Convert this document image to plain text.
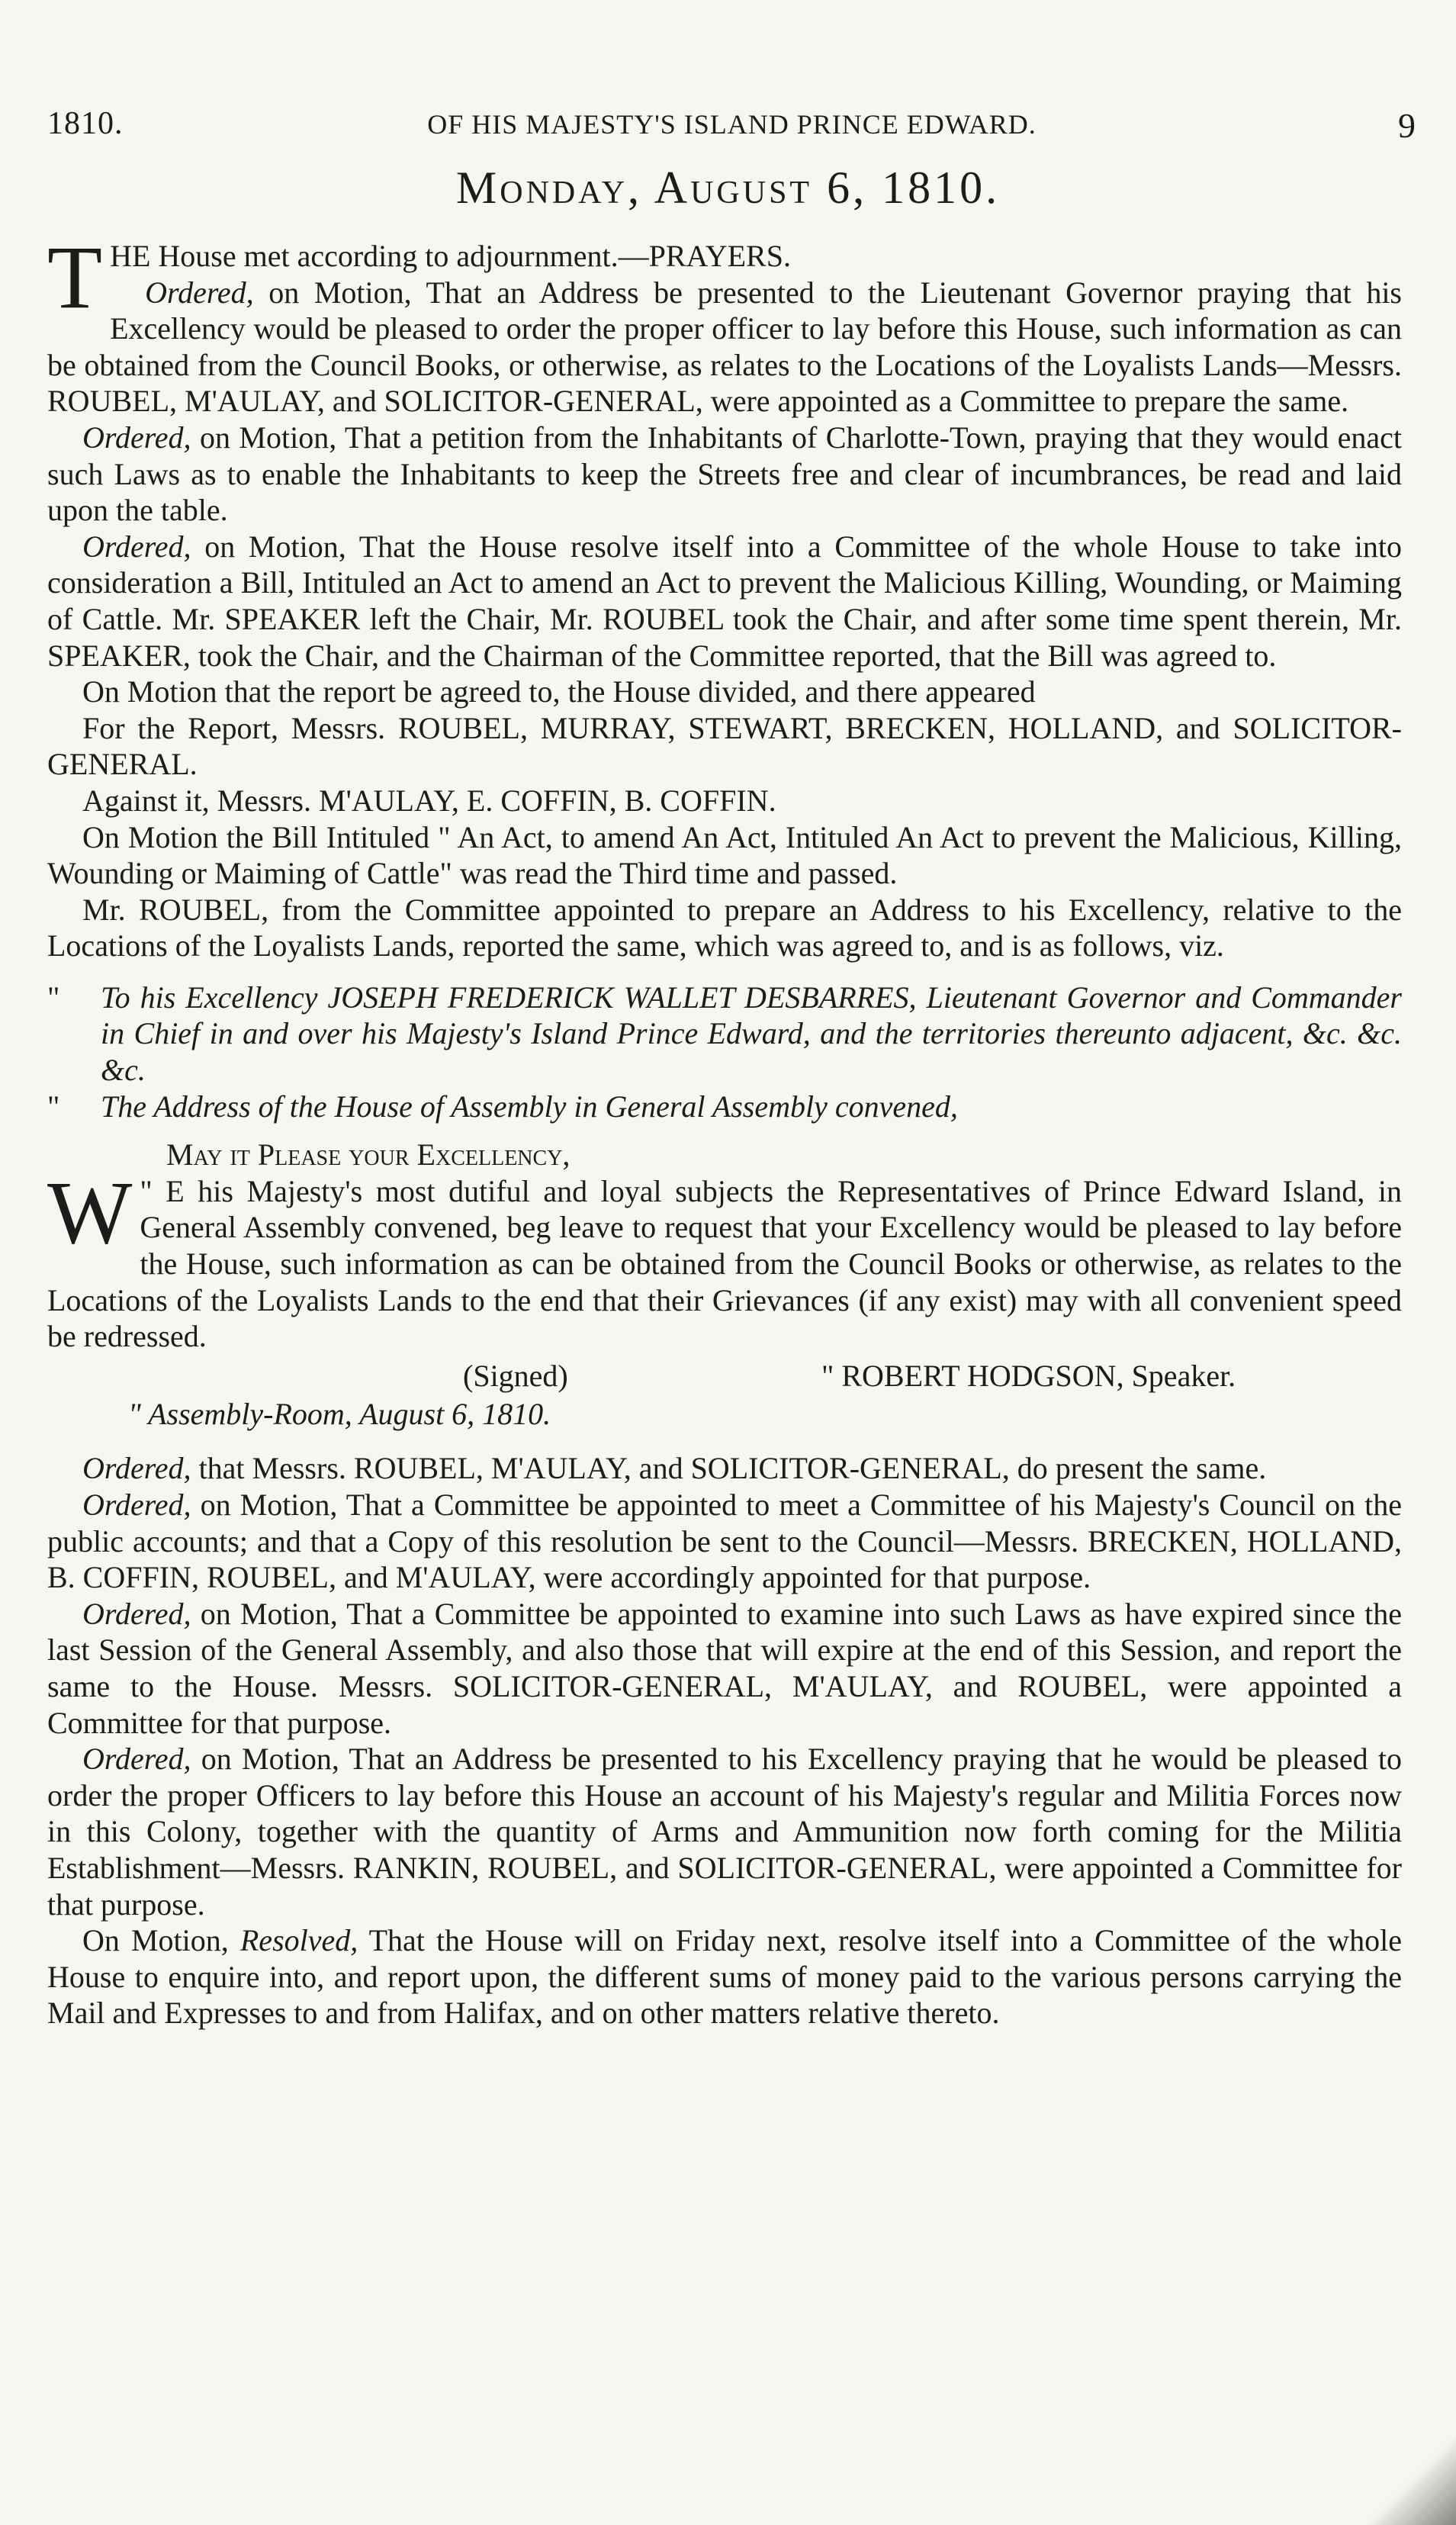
1810.	OF HIS MAJESTY'S ISLAND PRINCE EDWARD.	9
Monday, August 6, 1810.

THE House met according to adjournment.—PRAYERS.

Ordered, on Motion, That an Address be presented to the Lieutenant Governor praying that his Excellency would be pleased to order the proper officer to lay before this House, such information as can be obtained from the Council Books, or otherwise, as relates to the Locations of the Loyalists Lands—Messrs. ROUBEL, M'AULAY, and SOLICITOR-GENERAL, were appointed as a Committee to prepare the same.

Ordered, on Motion, That a petition from the Inhabitants of Charlotte-Town, praying that they would enact such Laws as to enable the Inhabitants to keep the Streets free and clear of incumbrances, be read and laid upon the table.

Ordered, on Motion, That the House resolve itself into a Committee of the whole House to take into consideration a Bill, Intituled an Act to amend an Act to prevent the Malicious Killing, Wounding, or Maiming of Cattle. Mr. SPEAKER left the Chair, Mr. ROUBEL took the Chair, and after some time spent therein, Mr. SPEAKER, took the Chair, and the Chairman of the Committee reported, that the Bill was agreed to.

On Motion that the report be agreed to, the House divided, and there appeared

For the Report, Messrs. ROUBEL, MURRAY, STEWART, BRECKEN, HOLLAND, and SOLICITOR-GENERAL.

Against it, Messrs. M'AULAY, E. COFFIN, B. COFFIN.

On Motion the Bill Intituled " An Act, to amend An Act, Intituled An Act to prevent the Malicious, Killing, Wounding or Maiming of Cattle" was read the Third time and passed.

Mr. ROUBEL, from the Committee appointed to prepare an Address to his Excellency, relative to the Locations of the Loyalists Lands, reported the same, which was agreed to, and is as follows, viz.

" To his Excellency JOSEPH FREDERICK WALLET DESBARRES, Lieutenant Governor and Commander in Chief in and over his Majesty's Island Prince Edward, and the territories thereunto adjacent, &c. &c. &c.

" The Address of the House of Assembly in General Assembly convened,

May it Please your Excellency,

"
W E his Majesty's most dutiful and loyal subjects the Representatives of Prince Edward Island, in General Assembly convened, beg leave to request that your Excellency would be pleased to lay before the House, such information as can be obtained from the Council Books or otherwise, as relates to the Locations of the Loyalists Lands to the end that their Grievances (if any exist) may with all convenient speed be redressed.

(Signed)	" ROBERT HODGSON, Speaker.

" Assembly-Room, August 6, 1810.

Ordered, that Messrs. ROUBEL, M'AULAY, and SOLICITOR-GENERAL, do present the same.

Ordered, on Motion, That a Committee be appointed to meet a Committee of his Majesty's Council on the public accounts; and that a Copy of this resolution be sent to the Council—Messrs. BRECKEN, HOLLAND, B. COFFIN, ROUBEL, and M'AULAY, were accordingly appointed for that purpose.

Ordered, on Motion, That a Committee be appointed to examine into such Laws as have expired since the last Session of the General Assembly, and also those that will expire at the end of this Session, and report the same to the House. Messrs. SOLICITOR-GENERAL, M'AULAY, and ROUBEL, were appointed a Committee for that purpose.

Ordered, on Motion, That an Address be presented to his Excellency praying that he would be pleased to order the proper Officers to lay before this House an account of his Majesty's regular and Militia Forces now in this Colony, together with the quantity of Arms and Ammunition now forth coming for the Militia Establishment—Messrs. RANKIN, ROUBEL, and SOLICITOR-GENERAL, were appointed a Committee for that purpose.

On Motion, Resolved, That the House will on Friday next, resolve itself into a Committee of the whole House to enquire into, and report upon, the different sums of money paid to the various persons carrying the Mail and Expresses to and from Halifax, and on other matters relative thereto.
